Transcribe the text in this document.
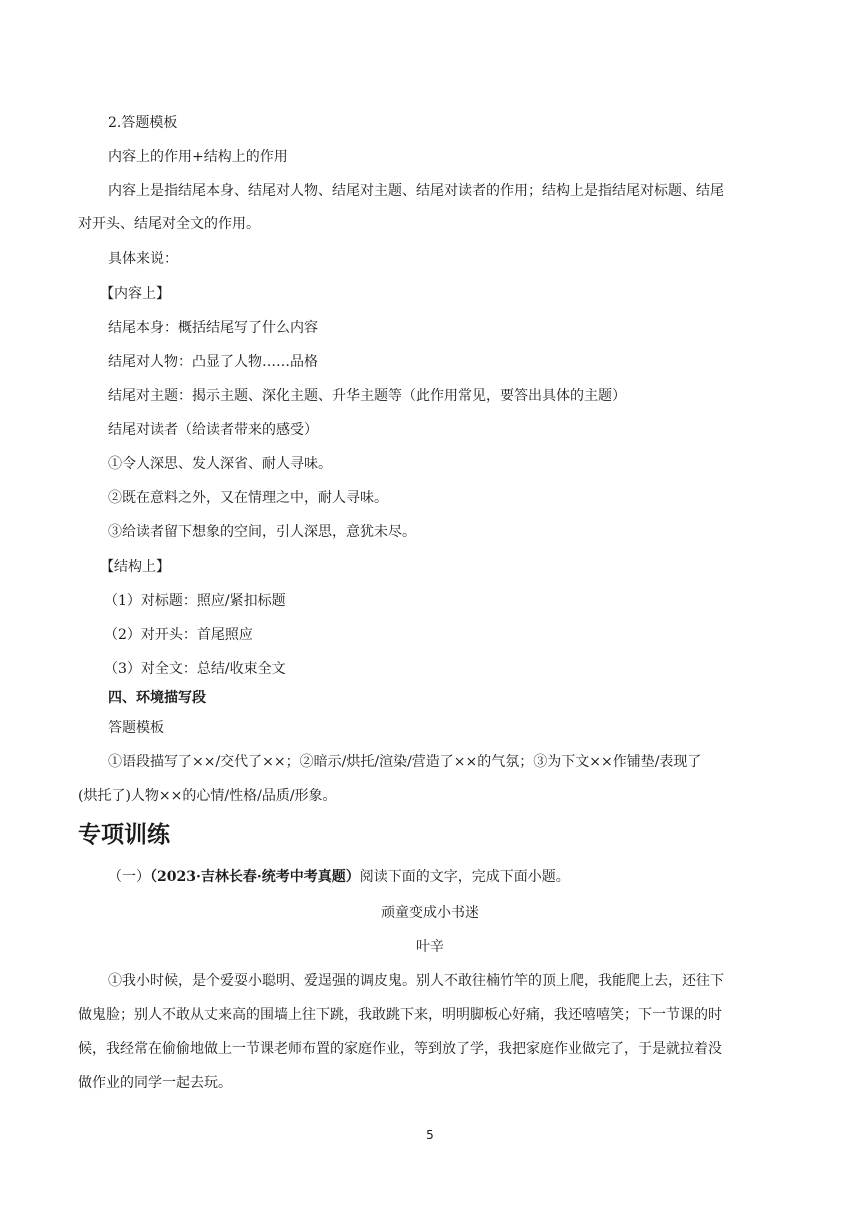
2.答题模板
内容上的作用+结构上的作用
内容上是指结尾本身、结尾对人物、结尾对主题、结尾对读者的作用；结构上是指结尾对标题、结尾
对开头、结尾对全文的作用。
具体来说：
【内容上】
结尾本身：概括结尾写了什么内容
结尾对人物：凸显了人物……品格
结尾对主题：揭示主题、深化主题、升华主题等（此作用常见，要答出具体的主题）
结尾对读者（给读者带来的感受）
①令人深思、发人深省、耐人寻味。
②既在意料之外，又在情理之中，耐人寻味。
③给读者留下想象的空间，引人深思，意犹未尽。
【结构上】
（1）对标题：照应/紧扣标题
（2）对开头：首尾照应
（3）对全文：总结/收束全文
四、环境描写段
答题模板
①语段描写了××/交代了××；②暗示/烘托/渲染/营造了××的气氛；③为下文××作铺垫/表现了
(烘托了)人物××的心情/性格/品质/形象。
专项训练
（一）（2023·吉林长春·统考中考真题）阅读下面的文字，完成下面小题。
顽童变成小书迷
叶辛
①我小时候，是个爱耍小聪明、爱逞强的调皮鬼。别人不敢往楠竹竿的顶上爬，我能爬上去，还往下
做鬼脸；别人不敢从丈来高的围墙上往下跳，我敢跳下来，明明脚板心好痛，我还嘻嘻笑；下一节课的时
候，我经常在偷偷地做上一节课老师布置的家庭作业，等到放了学，我把家庭作业做完了，于是就拉着没
做作业的同学一起去玩。
5
